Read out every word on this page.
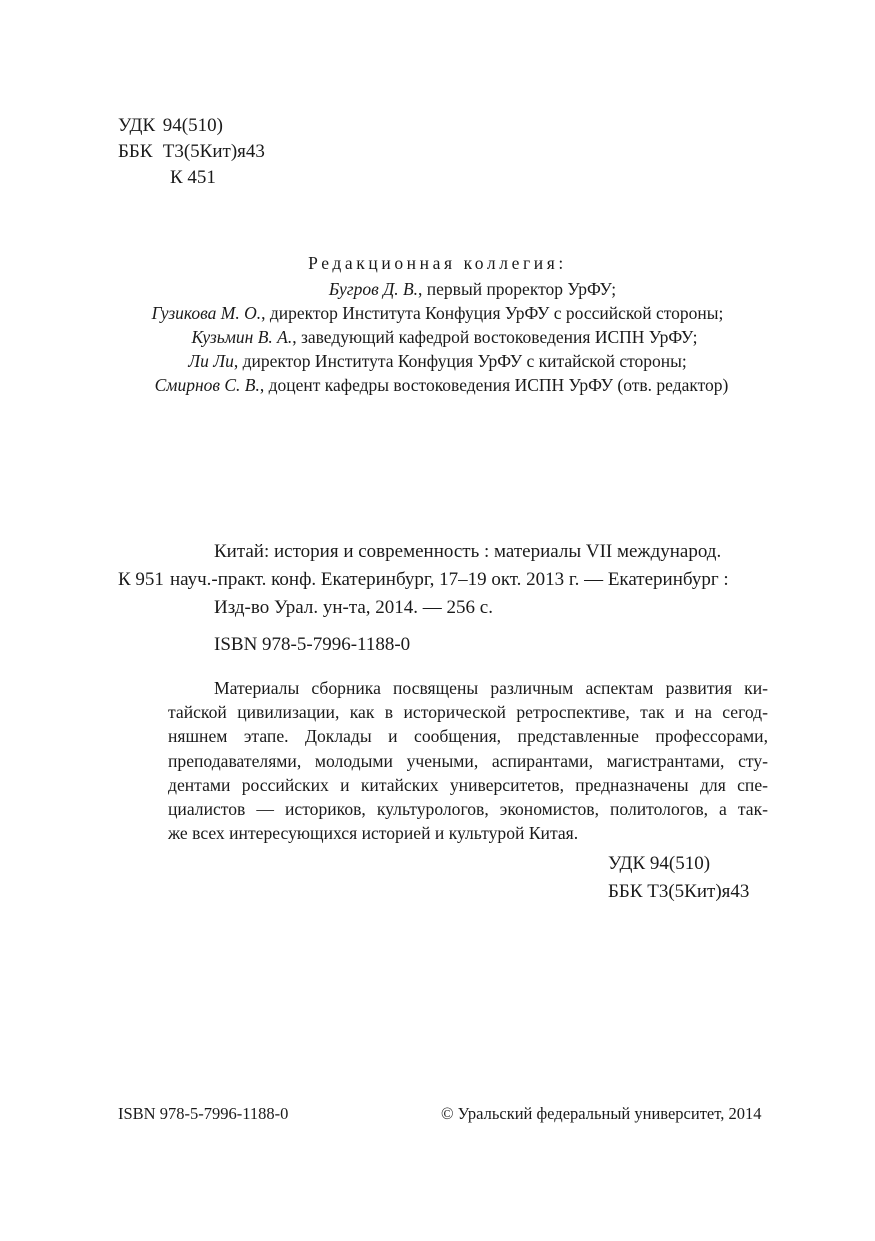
УДК 94(510)
ББК Т3(5Кит)я43
К 451
Редакционная коллегия:
Бугров Д. В., первый проректор УрФУ;
Гузикова М. О., директор Института Конфуция УрФУ с российской стороны;
Кузьмин В. А., заведующий кафедрой востоковедения ИСПН УрФУ;
Ли Ли, директор Института Конфуция УрФУ с китайской стороны;
Смирнов С. В., доцент кафедры востоковедения ИСПН УрФУ (отв. редактор)
Китай: история и современность : материалы VII международ.
К 951 науч.-практ. конф. Екатеринбург, 17–19 окт. 2013 г. — Екатеринбург :
Изд-во Урал. ун-та, 2014. — 256 с.
ISBN 978-5-7996-1188-0
Материалы сборника посвящены различным аспектам развития ки-
тайской цивилизации, как в исторической ретроспективе, так и на сегод-
няшнем этапе. Доклады и сообщения, представленные профессорами,
преподавателями, молодыми учеными, аспирантами, магистрантами, сту-
дентами российских и китайских университетов, предназначены для спе-
циалистов — историков, культурологов, экономистов, политологов, а так-
же всех интересующихся историей и культурой Китая.
УДК 94(510)
ББК Т3(5Кит)я43
ISBN 978-5-7996-1188-0	© Уральский федеральный университет, 2014
